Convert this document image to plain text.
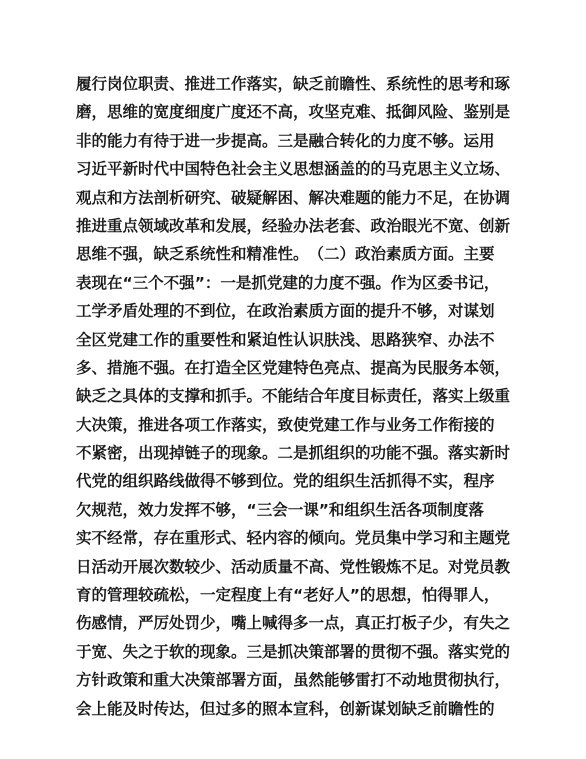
履行岗位职责、推进工作落实，缺乏前瞻性、系统性的思考和琢
磨，思维的宽度细度广度还不高，攻坚克难、抵御风险、鉴别是
非的能力有待于进一步提高。三是融合转化的力度不够。运用
习近平新时代中国特色社会主义思想涵盖的的马克思主义立场、
观点和方法剖析研究、破疑解困、解决难题的能力不足，在协调
推进重点领域改革和发展，经验办法老套、政治眼光不宽、创新
思维不强，缺乏系统性和精准性。　（二）政治素质方面。主要
表现在“三个不强”：一是抓党建的力度不强。作为区委书记，
工学矛盾处理的不到位，在政治素质方面的提升不够，对谋划
全区党建工作的重要性和紧迫性认识肤浅、思路狭窄、办法不
多、措施不强。在打造全区党建特色亮点、提高为民服务本领，
缺乏之具体的支撑和抓手。不能结合年度目标责任，落实上级重
大决策，推进各项工作落实，致使党建工作与业务工作衔接的
不紧密，出现掉链子的现象。二是抓组织的功能不强。落实新时
代党的组织路线做得不够到位。党的组织生活抓得不实，程序
欠规范，效力发挥不够，“三会一课”和组织生活各项制度落
实不经常，存在重形式、轻内容的倾向。党员集中学习和主题党
日活动开展次数较少、活动质量不高、党性锻炼不足。对党员教
育的管理较疏松，一定程度上有“老好人”的思想，怕得罪人，
伤感情，严厉处罚少，嘴上喊得多一点，真正打板子少，有失之
于宽、失之于软的现象。三是抓决策部署的贯彻不强。落实党的
方针政策和重大决策部署方面，虽然能够雷打不动地贯彻执行，
会上能及时传达，但过多的照本宣科，创新谋划缺乏前瞻性的
